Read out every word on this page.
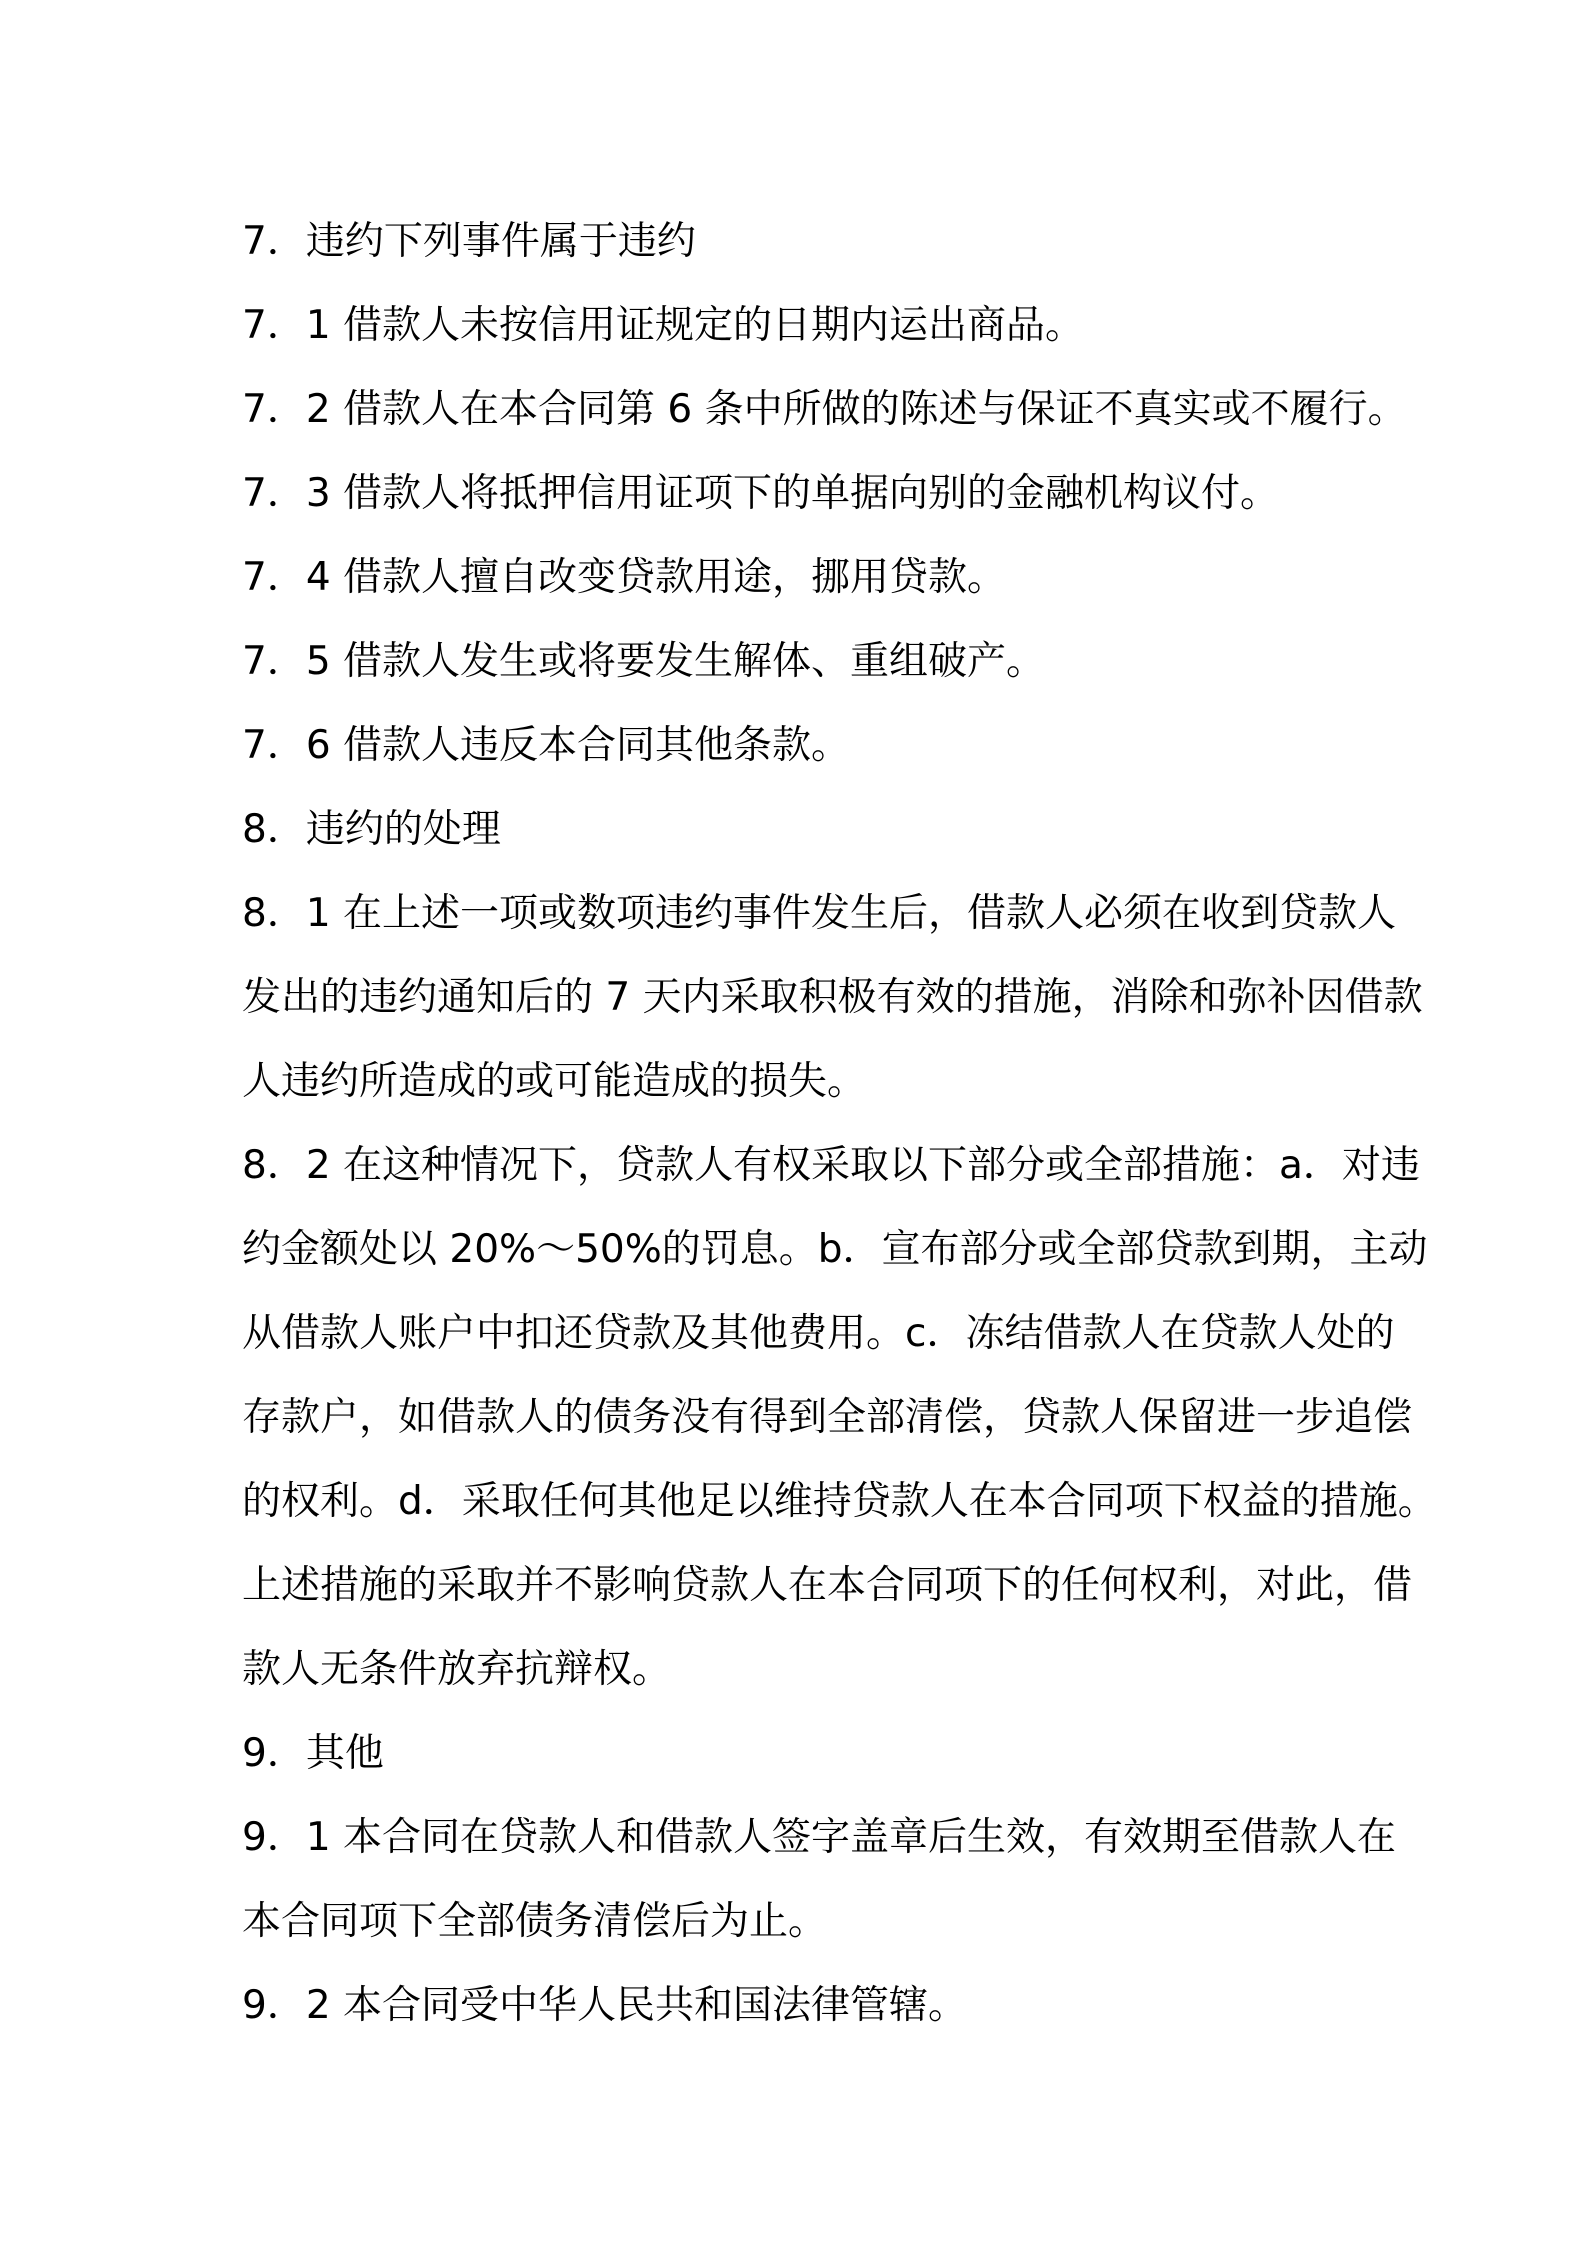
7．违约下列事件属于违约
7．1 借款人未按信用证规定的日期内运出商品。
7．2 借款人在本合同第 6 条中所做的陈述与保证不真实或不履行。
7．3 借款人将抵押信用证项下的单据向别的金融机构议付。
7．4 借款人擅自改变贷款用途，挪用贷款。
7．5 借款人发生或将要发生解体、重组破产。
7．6 借款人违反本合同其他条款。
8．违约的处理
8．1 在上述一项或数项违约事件发生后，借款人必须在收到贷款人
发出的违约通知后的 7 天内采取积极有效的措施，消除和弥补因借款
人违约所造成的或可能造成的损失。
8．2 在这种情况下，贷款人有权采取以下部分或全部措施：a．对违
约金额处以 20%～50%的罚息。b．宣布部分或全部贷款到期，主动
从借款人账户中扣还贷款及其他费用。c．冻结借款人在贷款人处的
存款户，如借款人的债务没有得到全部清偿，贷款人保留进一步追偿
的权利。d．采取任何其他足以维持贷款人在本合同项下权益的措施。
上述措施的采取并不影响贷款人在本合同项下的任何权利，对此，借
款人无条件放弃抗辩权。
9．其他
9．1 本合同在贷款人和借款人签字盖章后生效，有效期至借款人在
本合同项下全部债务清偿后为止。
9．2 本合同受中华人民共和国法律管辖。
